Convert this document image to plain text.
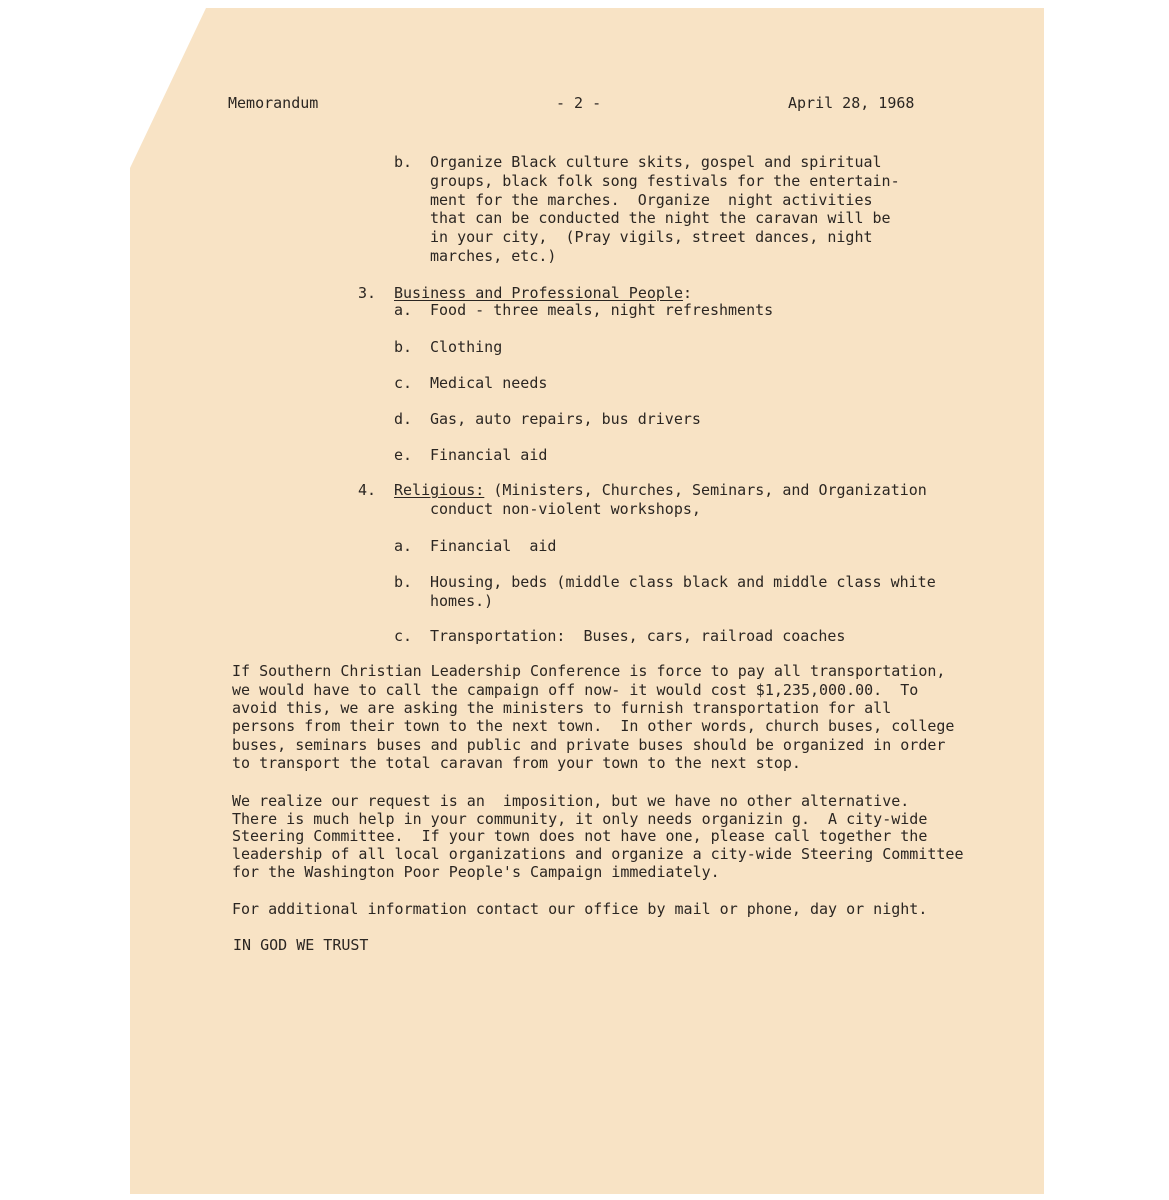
Memorandum	- 2 -	April 28, 1968
b. Organize Black culture skits, gospel and spiritual
groups, black folk song festivals for the entertain-
ment for the marches.  Organize  night activities
that can be conducted the night the caravan will be
in your city,  (Pray vigils, street dances, night
marches, etc.)
3. Business and Professional People:
a. Food - three meals, night refreshments
b. Clothing
c. Medical needs
d. Gas, auto repairs, bus drivers
e. Financial aid
4. Religious: (Ministers, Churches, Seminars, and Organization
conduct non-violent workshops,
a. Financial  aid
b. Housing, beds (middle class black and middle class white
homes.)
c. Transportation:  Buses, cars, railroad coaches
If Southern Christian Leadership Conference is force to pay all transportation,
we would have to call the campaign off now- it would cost $1,235,000.00.  To
avoid this, we are asking the ministers to furnish transportation for all
persons from their town to the next town.  In other words, church buses, college
buses, seminars buses and public and private buses should be organized in order
to transport the total caravan from your town to the next stop.
We realize our request is an  imposition, but we have no other alternative.
There is much help in your community, it only needs organizin g.  A city-wide
Steering Committee.  If your town does not have one, please call together the
leadership of all local organizations and organize a city-wide Steering Committee
for the Washington Poor People's Campaign immediately.
For additional information contact our office by mail or phone, day or night.
IN GOD WE TRUST
